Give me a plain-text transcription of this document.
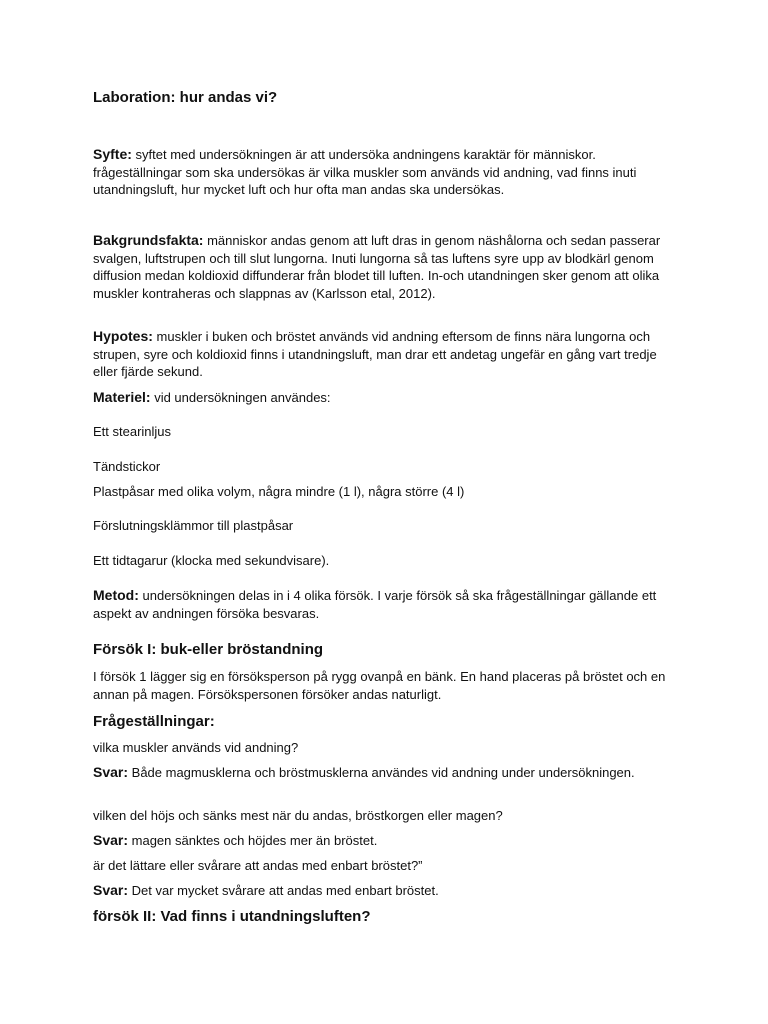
Laboration: hur andas vi?

Syfte: syftet med undersökningen är att undersöka andningens karaktär för människor. frågeställningar som ska undersökas är vilka muskler som används vid andning, vad finns inuti utandningsluft, hur mycket luft och hur ofta man andas ska undersökas.

Bakgrundsfakta: människor andas genom att luft dras in genom näshålorna och sedan passerar svalgen, luftstrupen och till slut lungorna. Inuti lungorna så tas luftens syre upp av blodkärl genom diffusion medan koldioxid diffunderar från blodet till luften. In-och utandningen sker genom att olika muskler kontraheras och slappnas av (Karlsson etal, 2012).

Hypotes: muskler i buken och bröstet används vid andning eftersom de finns nära lungorna och strupen, syre och koldioxid finns i utandningsluft, man drar ett andetag ungefär en gång vart tredje eller fjärde sekund.

Materiel: vid undersökningen användes:

Ett stearinljus

Tändstickor

Plastpåsar med olika volym, några mindre (1 l), några större (4 l)

Förslutningsklämmor till plastpåsar

Ett tidtagarur (klocka med sekundvisare).

Metod: undersökningen delas in i 4 olika försök. I varje försök så ska frågeställningar gällande ett aspekt av andningen försöka besvaras.

Försök I: buk-eller bröstandning

I försök 1 lägger sig en försöksperson på rygg ovanpå en bänk. En hand placeras på bröstet och en annan på magen. Försökspersonen försöker andas naturligt.

Frågeställningar:

vilka muskler används vid andning?

Svar: Både magmusklerna och bröstmusklerna användes vid andning under undersökningen.

vilken del höjs och sänks mest när du andas, bröstkorgen eller magen?

Svar: magen sänktes och höjdes mer än bröstet.

är det lättare eller svårare att andas med enbart bröstet?”

Svar: Det var mycket svårare att andas med enbart bröstet.

försök II: Vad finns i utandningsluften?
